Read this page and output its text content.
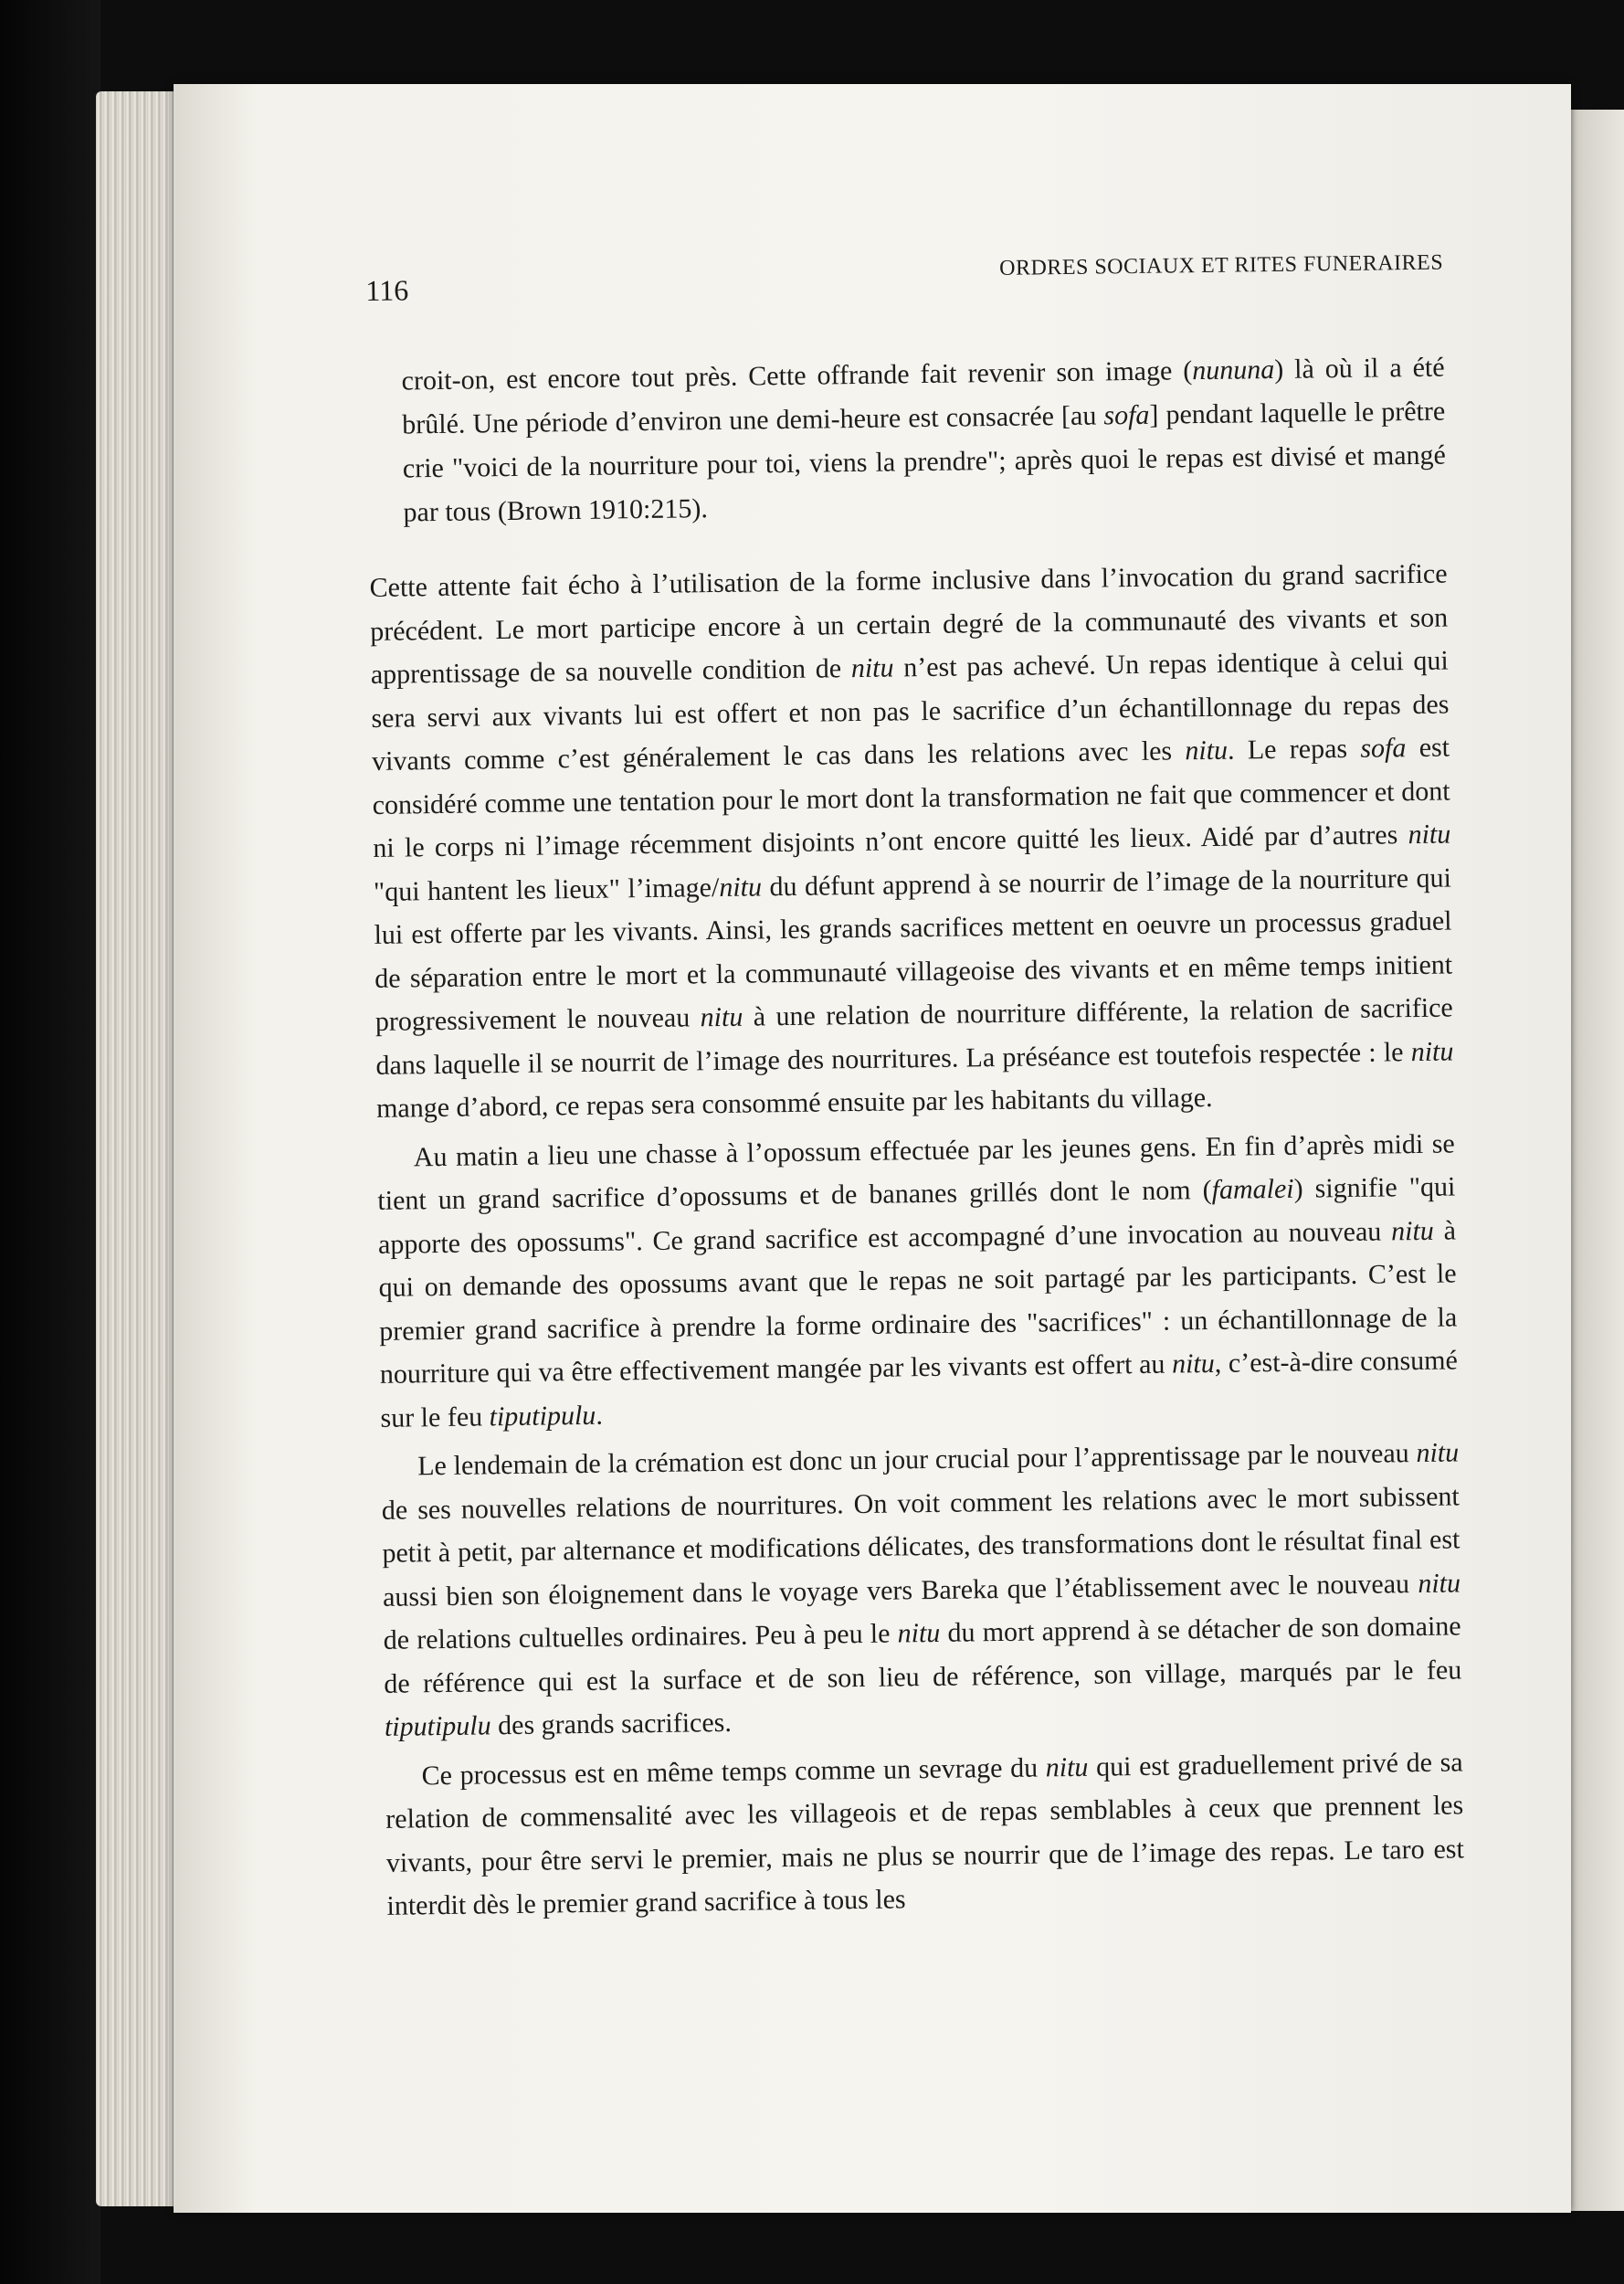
116
ORDRES SOCIAUX ET RITES FUNERAIRES

croit-on, est encore tout près. Cette offrande fait revenir son image (nununa) là où il a été brûlé. Une période d’environ une demi-heure est consacrée [au sofa] pendant laquelle le prêtre crie "voici de la nourriture pour toi, viens la prendre"; après quoi le repas est divisé et mangé par tous (Brown 1910:215).

Cette attente fait écho à l’utilisation de la forme inclusive dans l’invocation du grand sacrifice précédent. Le mort participe encore à un certain degré de la communauté des vivants et son apprentissage de sa nouvelle condition de nitu n’est pas achevé. Un repas identique à celui qui sera servi aux vivants lui est offert et non pas le sacrifice d’un échantillonnage du repas des vivants comme c’est généralement le cas dans les relations avec les nitu. Le repas sofa est considéré comme une tentation pour le mort dont la transformation ne fait que commencer et dont ni le corps ni l’image récemment disjoints n’ont encore quitté les lieux. Aidé par d’autres nitu "qui hantent les lieux" l’image/nitu du défunt apprend à se nourrir de l’image de la nourriture qui lui est offerte par les vivants. Ainsi, les grands sacrifices mettent en oeuvre un processus graduel de séparation entre le mort et la communauté villageoise des vivants et en même temps initient progressivement le nouveau nitu à une relation de nourriture différente, la relation de sacrifice dans laquelle il se nourrit de l’image des nourritures. La préséance est toutefois respectée : le nitu mange d’abord, ce repas sera consommé ensuite par les habitants du village.

Au matin a lieu une chasse à l’opossum effectuée par les jeunes gens. En fin d’après midi se tient un grand sacrifice d’opossums et de bananes grillés dont le nom (famalei) signifie "qui apporte des opossums". Ce grand sacrifice est accompagné d’une invocation au nouveau nitu à qui on demande des opossums avant que le repas ne soit partagé par les participants. C’est le premier grand sacrifice à prendre la forme ordinaire des "sacrifices" : un échantillonnage de la nourriture qui va être effectivement mangée par les vivants est offert au nitu, c’est-à-dire consumé sur le feu tiputipulu.

Le lendemain de la crémation est donc un jour crucial pour l’apprentissage par le nouveau nitu de ses nouvelles relations de nourritures. On voit comment les relations avec le mort subissent petit à petit, par alternance et modifications délicates, des transformations dont le résultat final est aussi bien son éloignement dans le voyage vers Bareka que l’établissement avec le nouveau nitu de relations cultuelles ordinaires. Peu à peu le nitu du mort apprend à se détacher de son domaine de référence qui est la surface et de son lieu de référence, son village, marqués par le feu tiputipulu des grands sacrifices.

Ce processus est en même temps comme un sevrage du nitu qui est graduellement privé de sa relation de commensalité avec les villageois et de repas semblables à ceux que prennent les vivants, pour être servi le premier, mais ne plus se nourrir que de l’image des repas. Le taro est interdit dès le premier grand sacrifice à tous les
